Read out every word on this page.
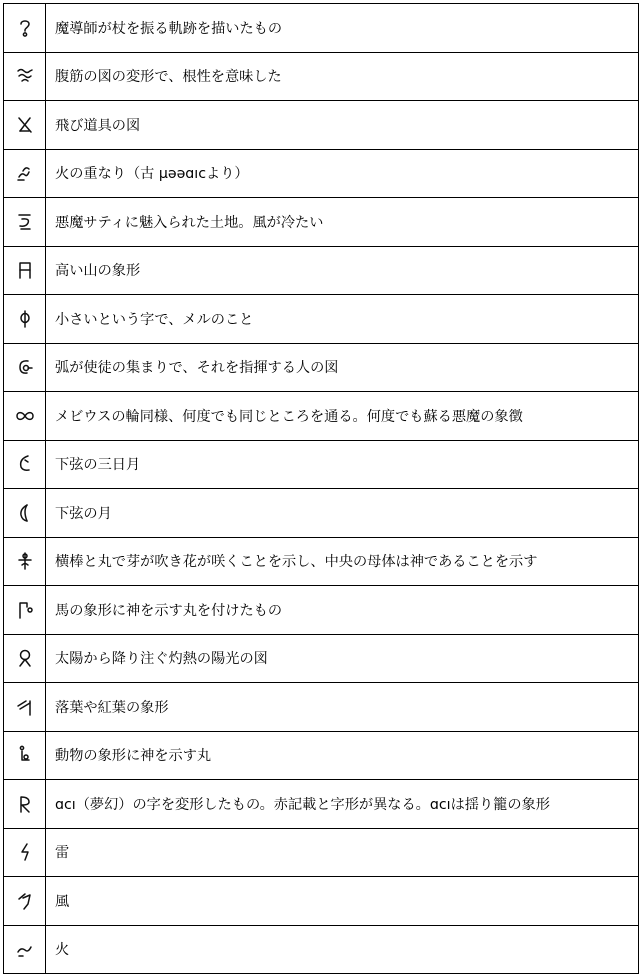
魔導師が杖を振る軌跡を描いたもの
腹筋の図の変形で、根性を意味した
飛び道具の図
火の重なり（古 μəəɑıcより）
悪魔サティに魅入られた土地。風が冷たい
高い山の象形
小さいという字で、メルのこと
弧が使徒の集まりで、それを指揮する人の図
メビウスの輪同様、何度でも同じところを通る。何度でも蘇る悪魔の象徴
下弦の三日月
下弦の月
横棒と丸で芽が吹き花が咲くことを示し、中央の母体は神であることを示す
馬の象形に神を示す丸を付けたもの
太陽から降り注ぐ灼熱の陽光の図
落葉や紅葉の象形
動物の象形に神を示す丸
ɑcı（夢幻）の字を変形したもの。赤記載と字形が異なる。ɑcıは揺り籠の象形
雷
風
火
